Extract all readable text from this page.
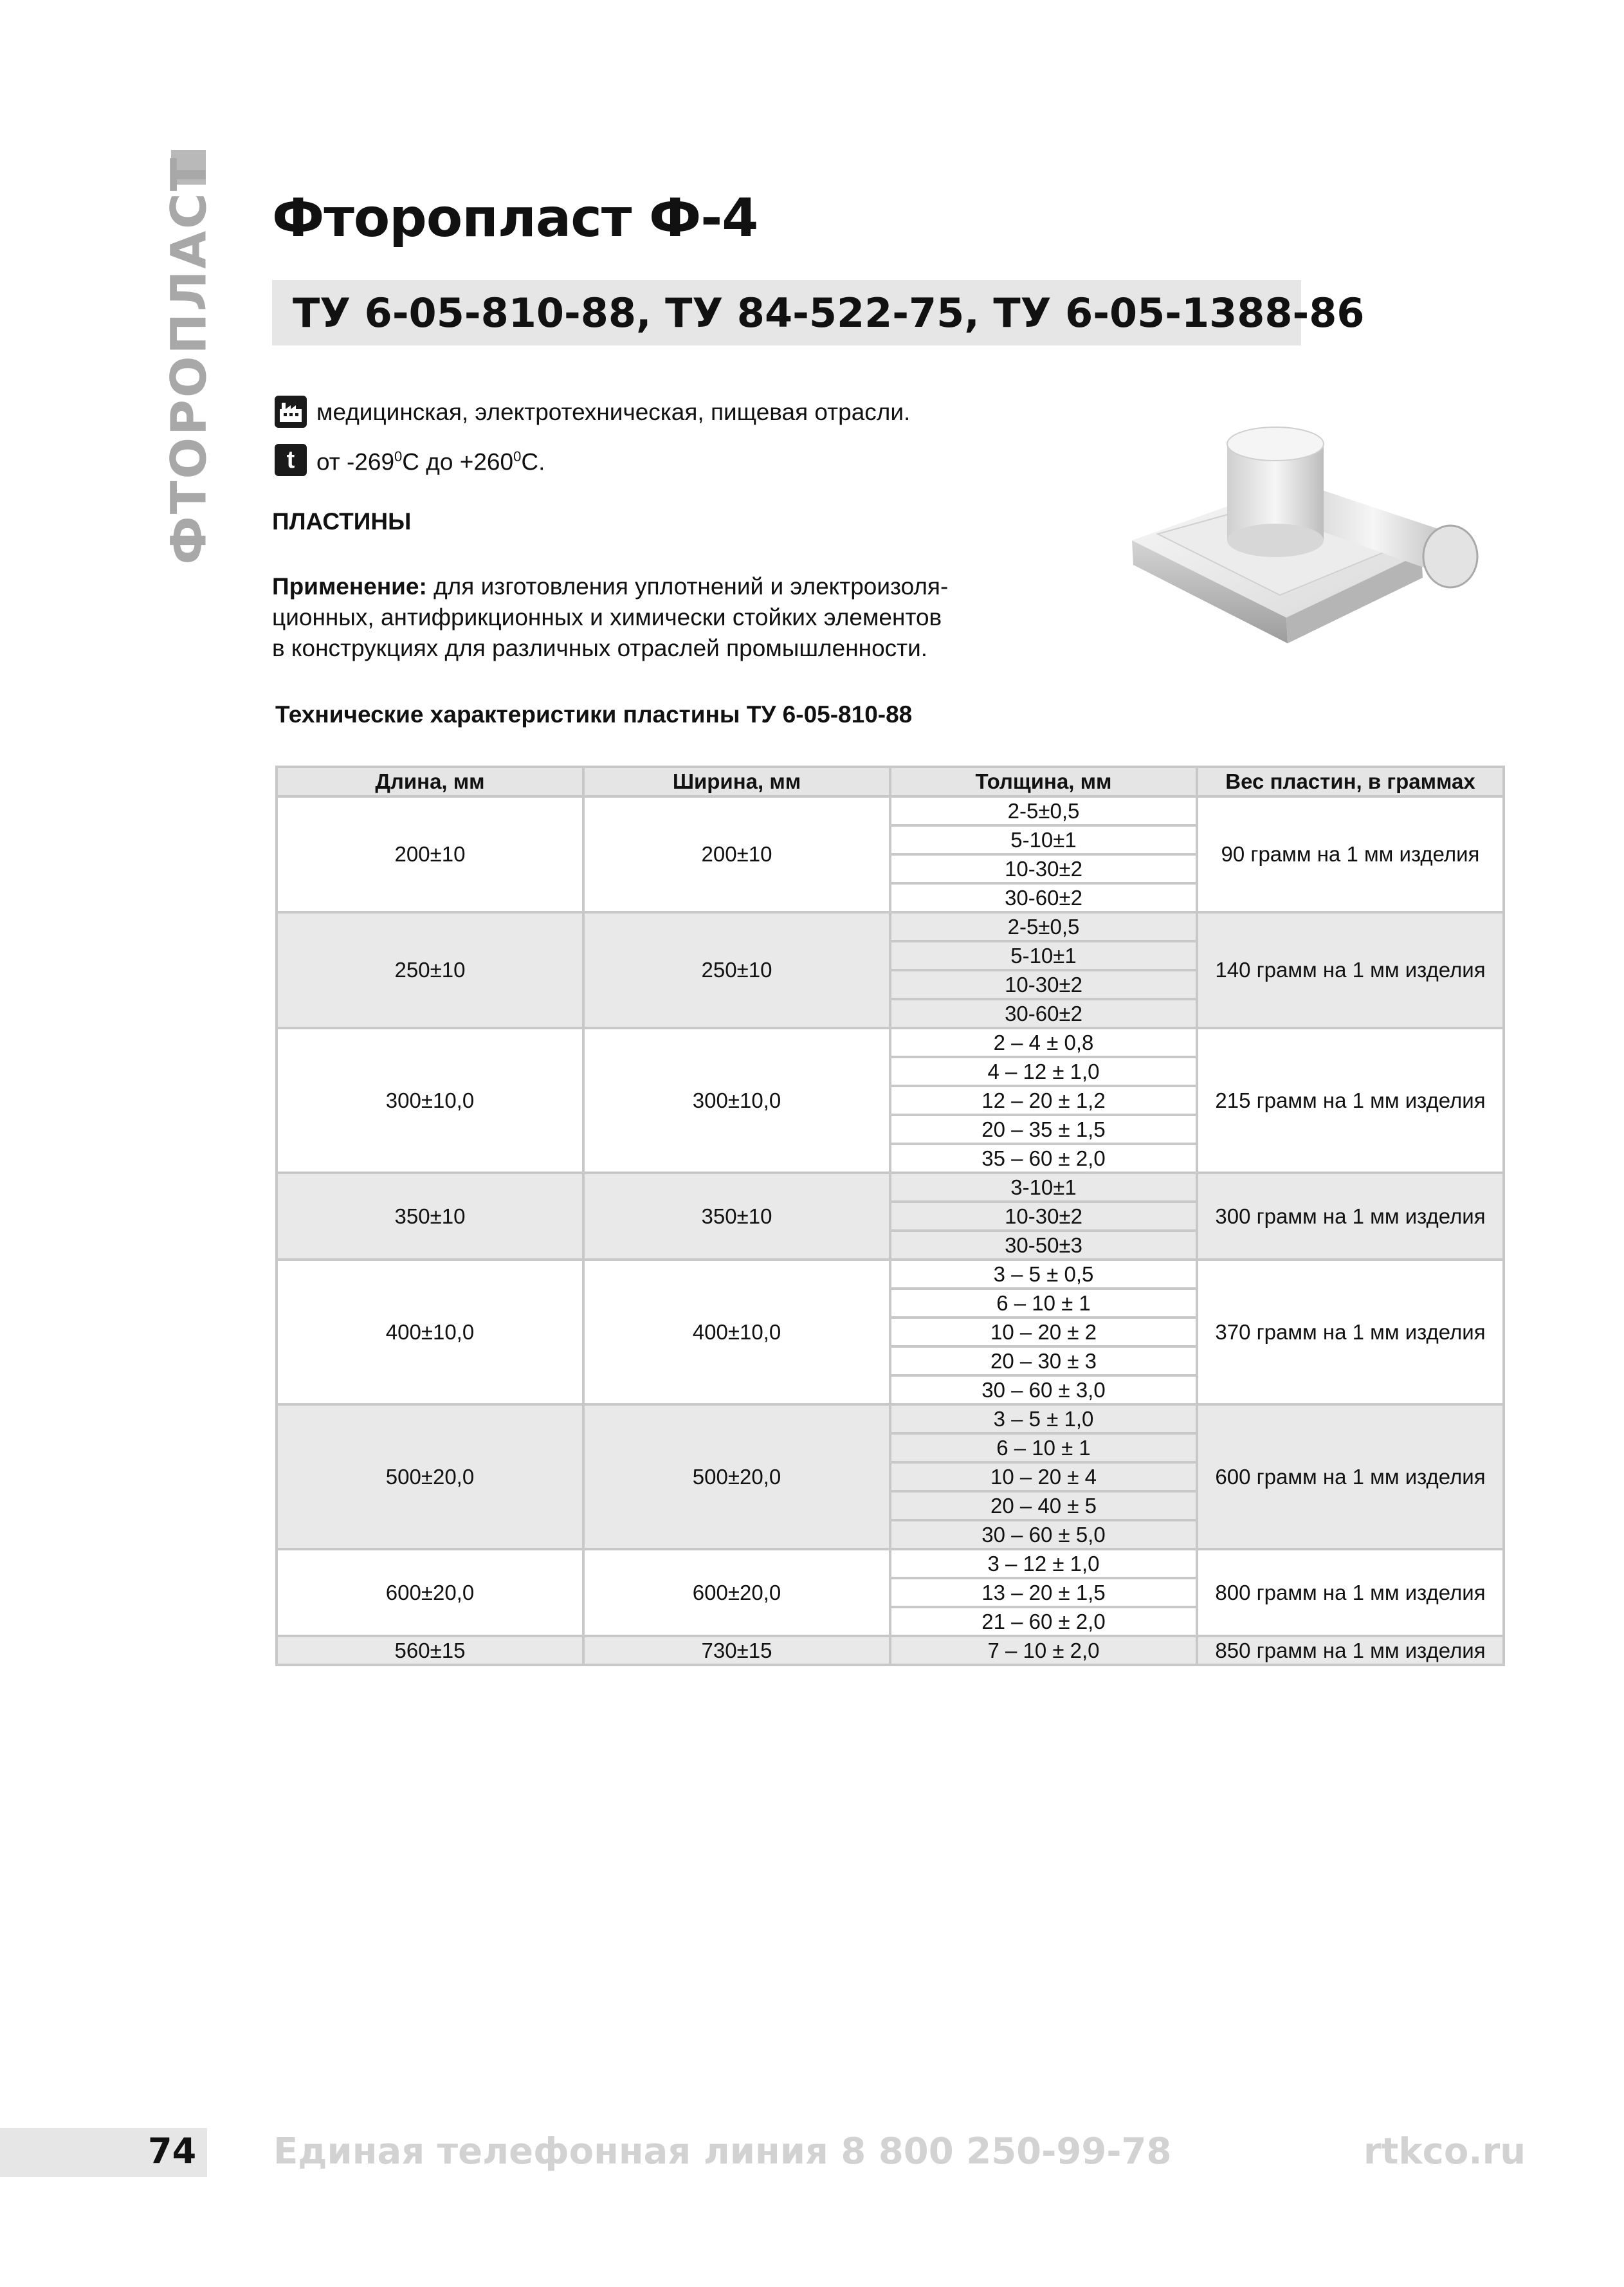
ФТОРОПЛАСТ Фторопласт Ф-4
ТУ 6-05-810-88, ТУ 84-522-75, ТУ 6-05-1388-86
медицинская, электротехническая, пищевая отрасли.
t от $-269^0С$ до $+260^0С$.
ПЛАСТИНЫ
Применение: для изготовления уплотнений и электроизоля-
ционных, антифрикционных и химически стойких элементов
в конструкциях для различных отраслей промышленности.
Технические характеристики пластины ТУ 6-05-810-88
Длина, мм	Ширина, мм	Толщина, мм	Вес пластин, в граммах
200±10	200±10	2-5±0,5	90 грамм на 1 мм изделия
		5-10±1	
		10-30±2	
		30-60±2	
250±10	250±10	2-5±0,5	140 грамм на 1 мм изделия
		5-10±1	
		10-30±2	
		30-60±2	
300±10,0	300±10,0	2 – 4 ± 0,8	215 грамм на 1 мм изделия
		4 – 12 ± 1,0	
		12 – 20 ± 1,2	
		20 – 35 ± 1,5	
		35 – 60 ± 2,0	
350±10	350±10	3-10±1	300 грамм на 1 мм изделия
		10-30±2	
		30-50±3	
400±10,0	400±10,0	3 – 5 ± 0,5	370 грамм на 1 мм изделия
		6 – 10 ± 1	
		10 – 20 ± 2	
		20 – 30 ± 3	
		30 – 60 ± 3,0	
500±20,0	500±20,0	3 – 5 ± 1,0	600 грамм на 1 мм изделия
		6 – 10 ± 1	
		10 – 20 ± 4	
		20 – 40 ± 5	
		30 – 60 ± 5,0	
600±20,0	600±20,0	3 – 12 ± 1,0	800 грамм на 1 мм изделия
		13 – 20 ± 1,5	
		21 – 60 ± 2,0	
560±15	730±15	7 – 10 ± 2,0	850 грамм на 1 мм изделия
74 Единая телефонная линия 8 800 250-99-78	rtkco.ru
